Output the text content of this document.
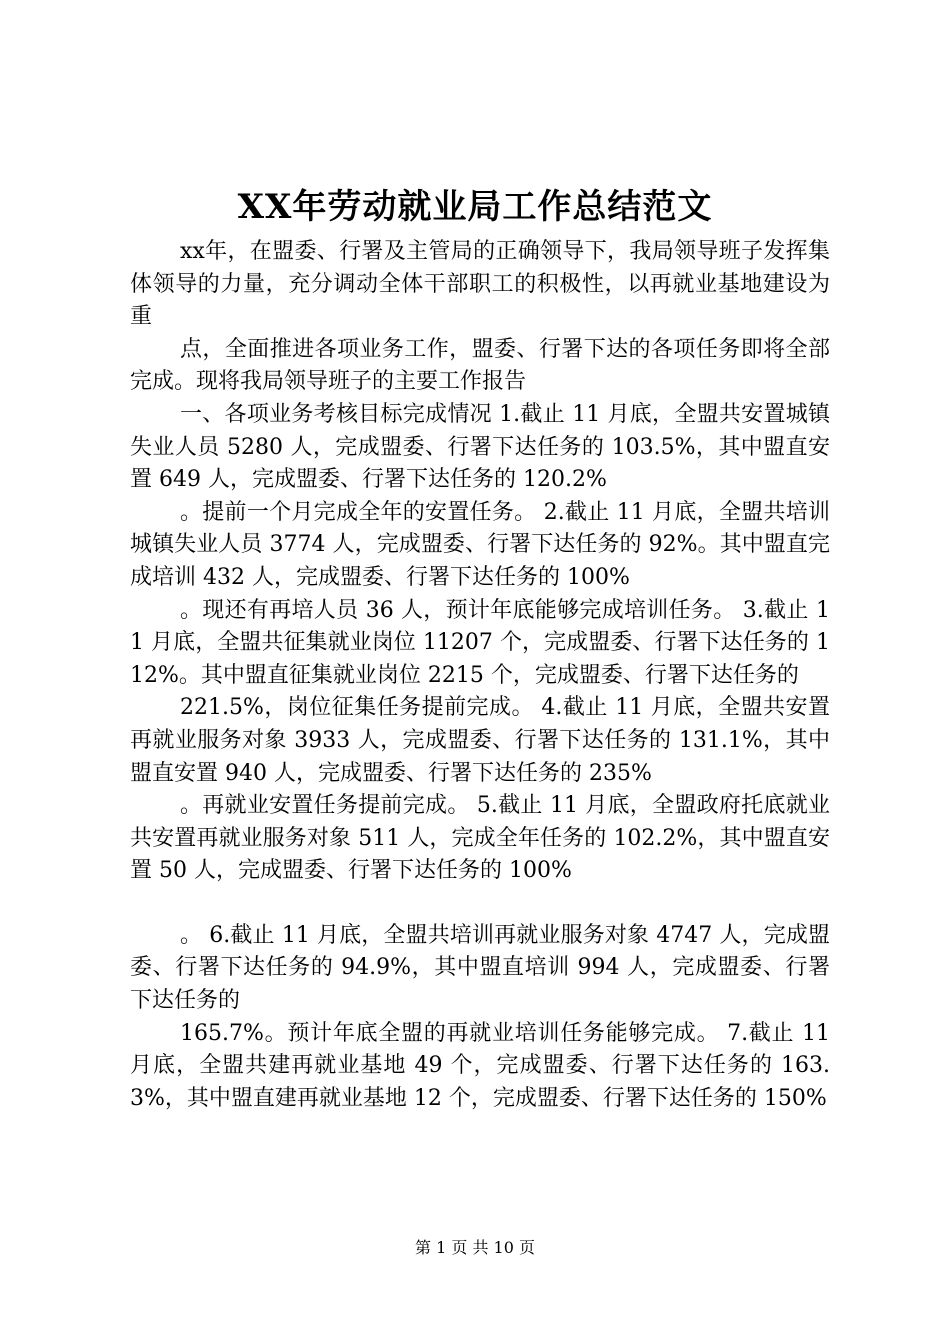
XX年劳动就业局工作总结范文

xx年，在盟委、行署及主管局的正确领导下，我局领导班子发挥集体领导的力量，充分调动全体干部职工的积极性，以再就业基地建设为重

点，全面推进各项业务工作，盟委、行署下达的各项任务即将全部完成。现将我局领导班子的主要工作报告

一、各项业务考核目标完成情况 1.截止 11 月底，全盟共安置城镇失业人员 5280 人，完成盟委、行署下达任务的 103.5%，其中盟直安置 649 人，完成盟委、行署下达任务的 120.2%

。提前一个月完成全年的安置任务。 2.截止 11 月底，全盟共培训城镇失业人员 3774 人，完成盟委、行署下达任务的 92%。其中盟直完成培训 432 人，完成盟委、行署下达任务的 100%

。现还有再培人员 36 人，预计年底能够完成培训任务。 3.截止 11 月底，全盟共征集就业岗位 11207 个，完成盟委、行署下达任务的 112%。其中盟直征集就业岗位 2215 个，完成盟委、行署下达任务的

221.5%，岗位征集任务提前完成。 4.截止 11 月底，全盟共安置再就业服务对象 3933 人，完成盟委、行署下达任务的 131.1%，其中盟直安置 940 人，完成盟委、行署下达任务的 235%

。再就业安置任务提前完成。 5.截止 11 月底，全盟政府托底就业共安置再就业服务对象 511 人，完成全年任务的 102.2%，其中盟直安置 50 人，完成盟委、行署下达任务的 100%

。 6.截止 11 月底，全盟共培训再就业服务对象 4747 人，完成盟委、行署下达任务的 94.9%，其中盟直培训 994 人，完成盟委、行署下达任务的

165.7%。预计年底全盟的再就业培训任务能够完成。 7.截止 11 月底，全盟共建再就业基地 49 个，完成盟委、行署下达任务的 163.3%，其中盟直建再就业基地 12 个，完成盟委、行署下达任务的 150%

第 1 页 共 10 页
